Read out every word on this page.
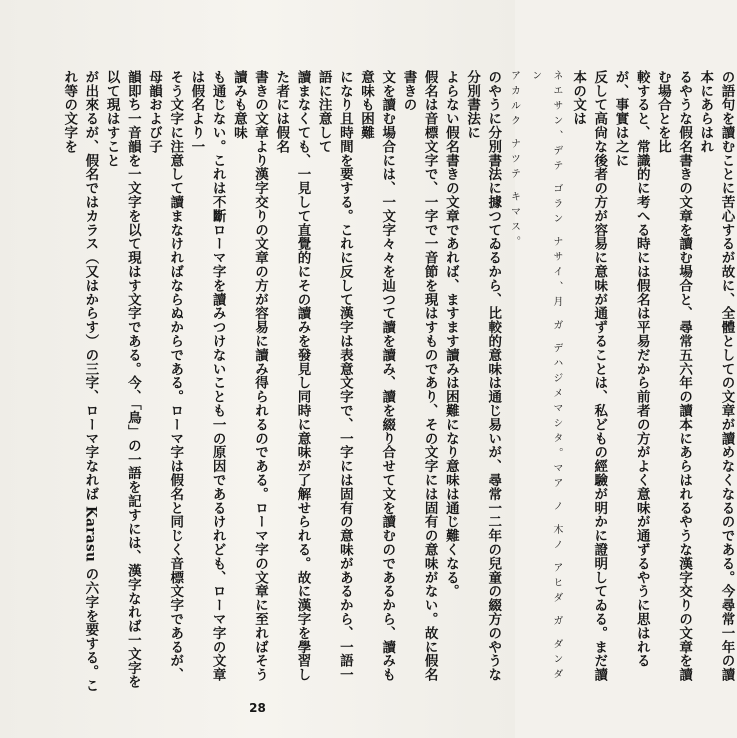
の語句を讀むことに苦心するが故に、全體としての文章が讀めなくなるのである。今尋常一年の讀本にあらはれ
るやうな假名書きの文章を讀む場合と、尋常五六年の讀本にあらはれるやうな漢字交りの文章を讀む場合とを比
較すると、常識的に考へる時には假名は平易だから前者の方がよく意味が通ずるやうに思はれるが、事實は之に
反して高尙な後者の方が容易に意味が通ずることは、私どもの經驗が明かに證明してゐる。まだ讀本の文は
ネエサン、デテ ゴラン ナサイ、月 ガ デハジメマシタ。マア ノ 木ノ アヒダ ガ ダンダン
アカルク ナツテ キマス。
のやうに分別書法に據つてゐるから、比較的意味は通じ易いが、尋常一二年の兒童の綴方のやうな分別書法に
よらない假名書きの文章であれば、ますます讀みは困難になり意味は通じ難くなる。
假名は音標文字で、一字で一音節を現はすものであり、その文字には固有の意味がない。故に假名書きの
文を讀む場合には、一文字々々を辿つて讀を讀み、讀を綴り合せて文を讀むのであるから、讀みも意味も困難
になり且時間を要する。これに反して漢字は表意文字で、一字には固有の意味があるから、一語一語に注意して
讀まなくても、一見して直覺的にその讀みを發見し同時に意味が了解せられる。故に漢字を學習した者には假名
書きの文章より漢字交りの文章の方が容易に讀み得られるのである。ローマ字の文章に至ればそう讀みも意味
も通じない。これは不斷ローマ字を讀みつけないことも一の原因であるけれども、ローマ字の文章は假名より一
そう文字に注意して讀まなければならぬからである。ローマ字は假名と同じく音標文字であるが、母韻および子
韻即ち一音韻を一文字を以て現はす文字である。今、「鳥」の一語を記すには、漢字なれば一文字を以て現はすこと
が出來るが、假名ではカラス（又はからす）の三字、ローマ字なれば Karasu の六字を要する。これ等の文字を
28
